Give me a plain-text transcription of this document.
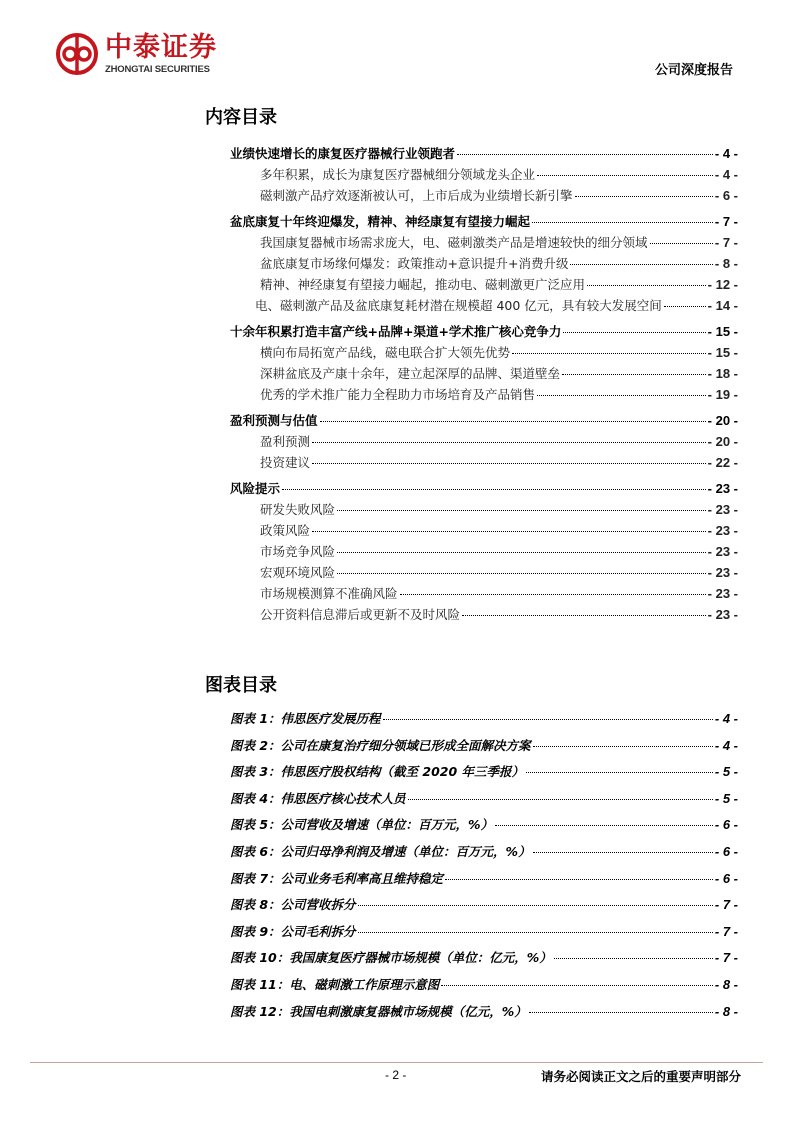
中泰证券
ZHONGTAI SECURITIES	公司深度报告
内容目录
业绩快速增长的康复医疗器械行业领跑者	- 4 -
多年积累，成长为康复医疗器械细分领域龙头企业	- 4 -
磁刺激产品疗效逐渐被认可，上市后成为业绩增长新引擎	- 6 -
盆底康复十年终迎爆发，精神、神经康复有望接力崛起	- 7 -
我国康复器械市场需求庞大，电、磁刺激类产品是增速较快的细分领域	- 7 -
盆底康复市场缘何爆发：政策推动+意识提升+消费升级	- 8 -
精神、神经康复有望接力崛起，推动电、磁刺激更广泛应用	- 12 -
电、磁刺激产品及盆底康复耗材潜在规模超 400 亿元，具有较大发展空间	- 14 -
十余年积累打造丰富产线+品牌+渠道+学术推广核心竞争力	- 15 -
横向布局拓宽产品线，磁电联合扩大领先优势	- 15 -
深耕盆底及产康十余年，建立起深厚的品牌、渠道壁垒	- 18 -
优秀的学术推广能力全程助力市场培育及产品销售	- 19 -
盈利预测与估值	- 20 -
盈利预测	- 20 -
投资建议	- 22 -
风险提示	- 23 -
研发失败风险	- 23 -
政策风险	- 23 -
市场竞争风险	- 23 -
宏观环境风险	- 23 -
市场规模测算不准确风险	- 23 -
公开资料信息滞后或更新不及时风险	- 23 -
图表目录
图表 1：伟思医疗发展历程	- 4 -
图表 2：公司在康复治疗细分领域已形成全面解决方案	- 4 -
图表 3：伟思医疗股权结构（截至 2020 年三季报）	- 5 -
图表 4：伟思医疗核心技术人员	- 5 -
图表 5：公司营收及增速（单位：百万元，%）	- 6 -
图表 6：公司归母净利润及增速（单位：百万元，%）	- 6 -
图表 7：公司业务毛利率高且维持稳定	- 6 -
图表 8：公司营收拆分	- 7 -
图表 9：公司毛利拆分	- 7 -
图表 10：我国康复医疗器械市场规模（单位：亿元，%）	- 7 -
图表 11：电、磁刺激工作原理示意图	- 8 -
图表 12：我国电刺激康复器械市场规模（亿元，%）	- 8 -
- 2 -	请务必阅读正文之后的重要声明部分
